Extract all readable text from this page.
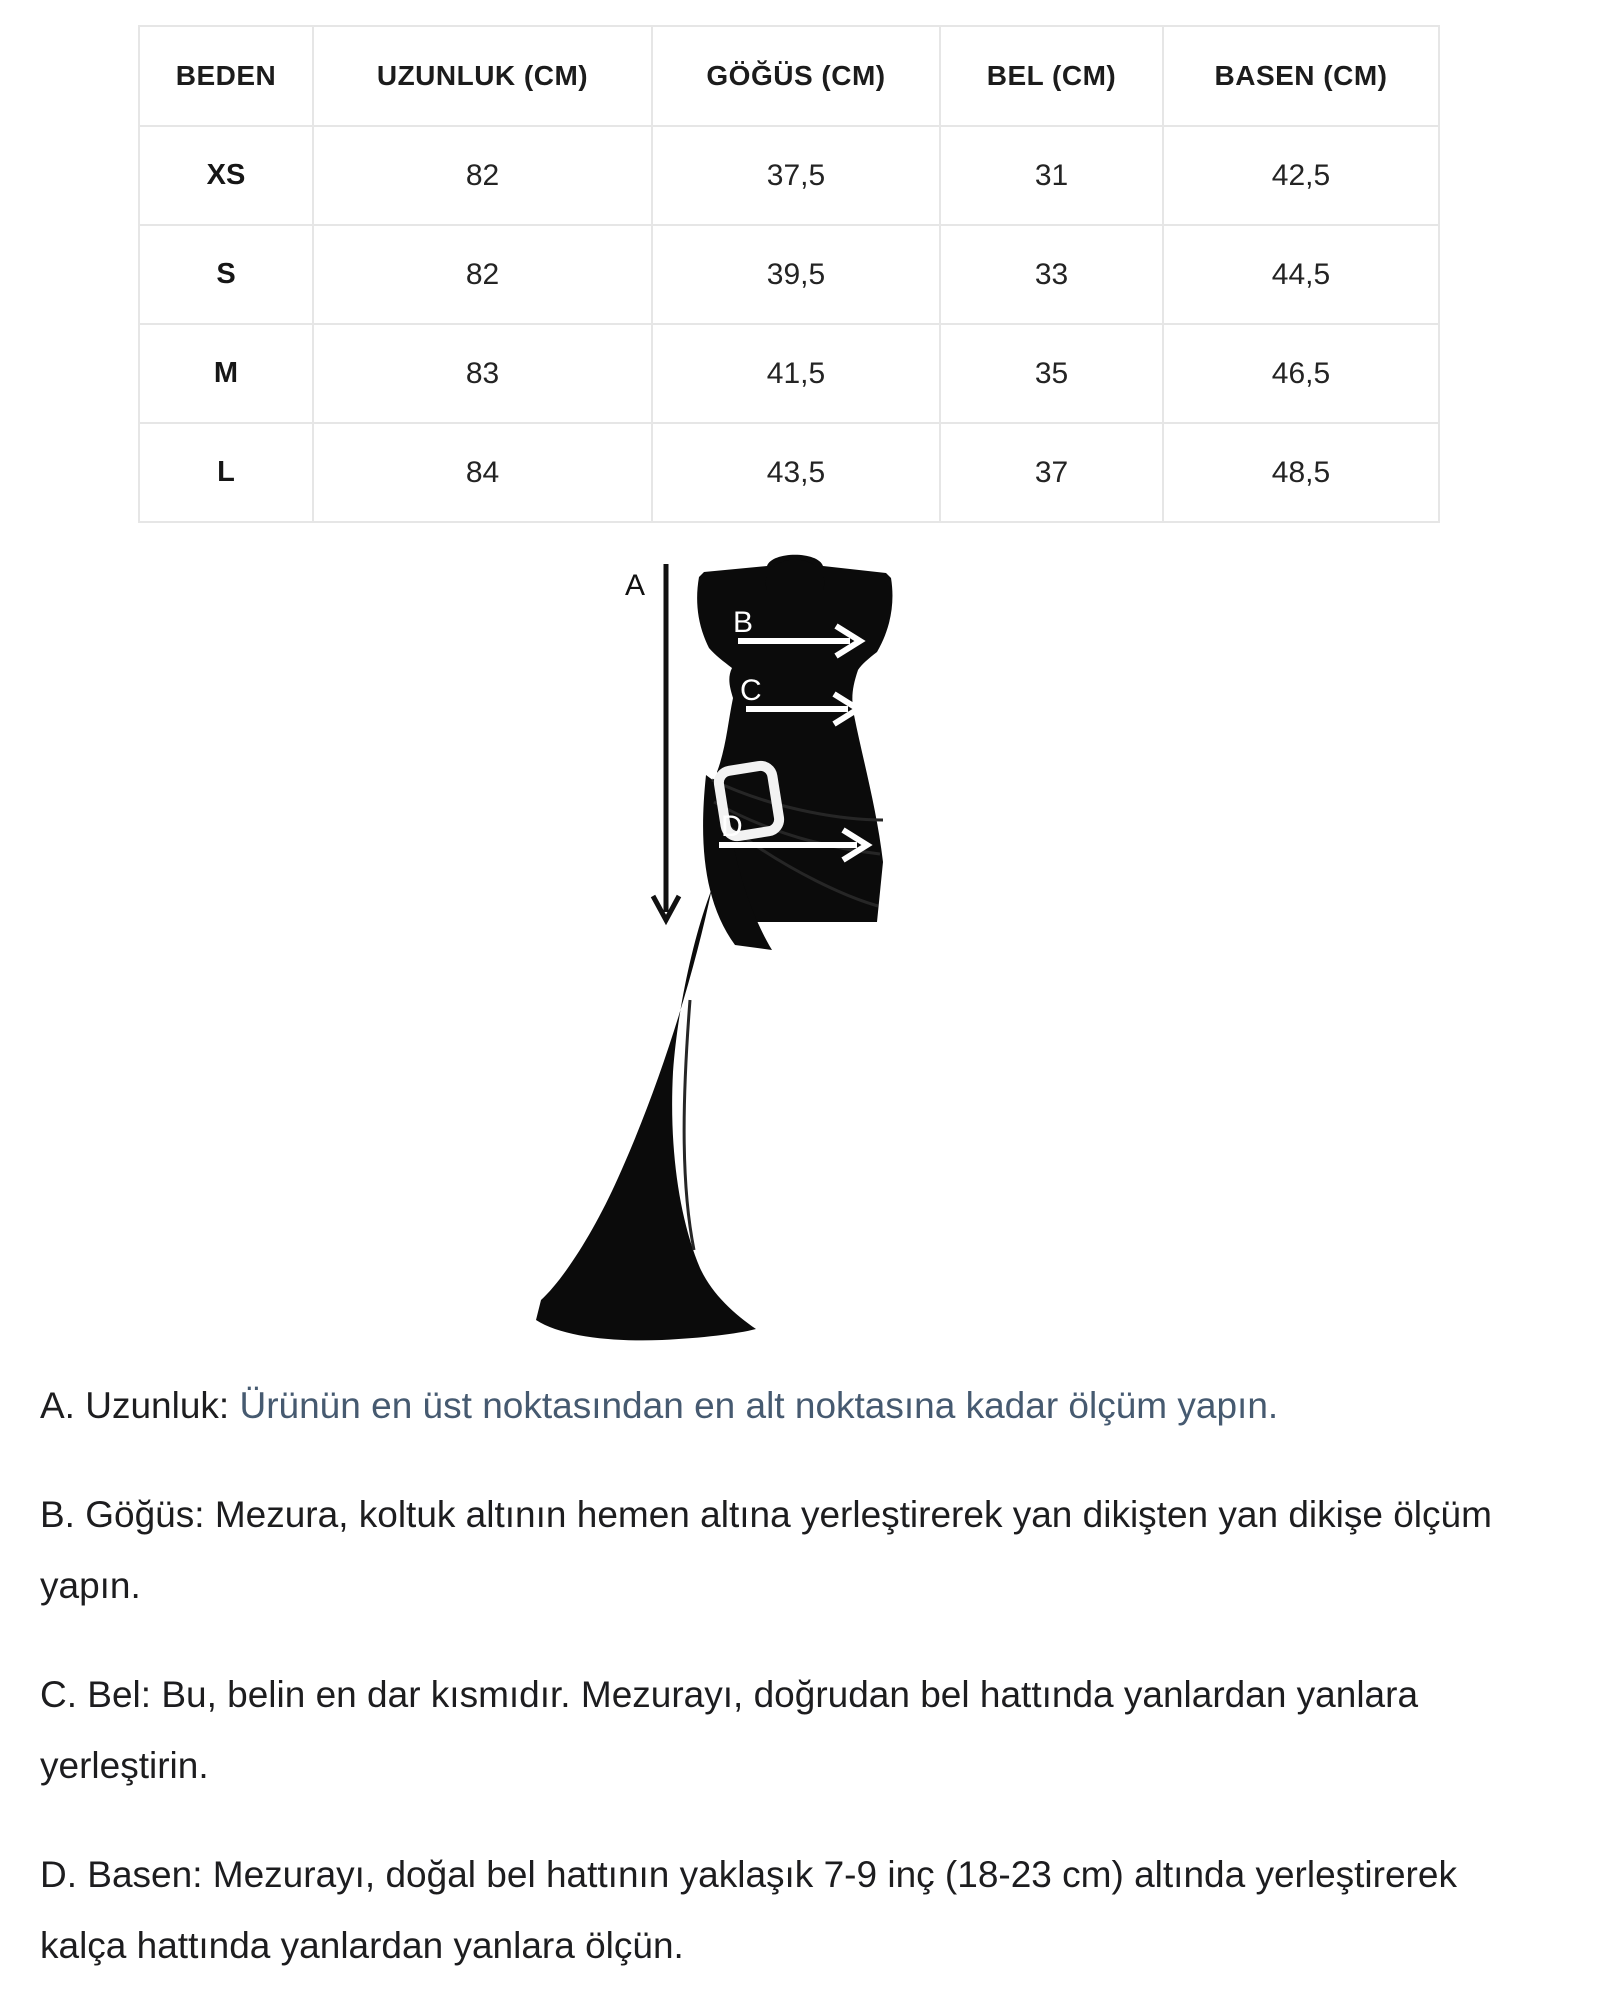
BEDEN	UZUNLUK (CM)	GÖĞÜS (CM)	BEL (CM)	BASEN (CM)
XS	82	37,5	31	42,5
S	82	39,5	33	44,5
M	83	41,5	35	46,5
L	84	43,5	37	48,5
A
B
C
D

A. Uzunluk: Ürünün en üst noktasından en alt noktasına kadar ölçüm yapın.

B. Göğüs: Mezura, koltuk altının hemen altına yerleştirerek yan dikişten yan dikişe ölçüm
yapın.

C. Bel: Bu, belin en dar kısmıdır. Mezurayı, doğrudan bel hattında yanlardan yanlara
yerleştirin.

D. Basen: Mezurayı, doğal bel hattının yaklaşık 7-9 inç (18-23 cm) altında yerleştirerek
kalça hattında yanlardan yanlara ölçün.
